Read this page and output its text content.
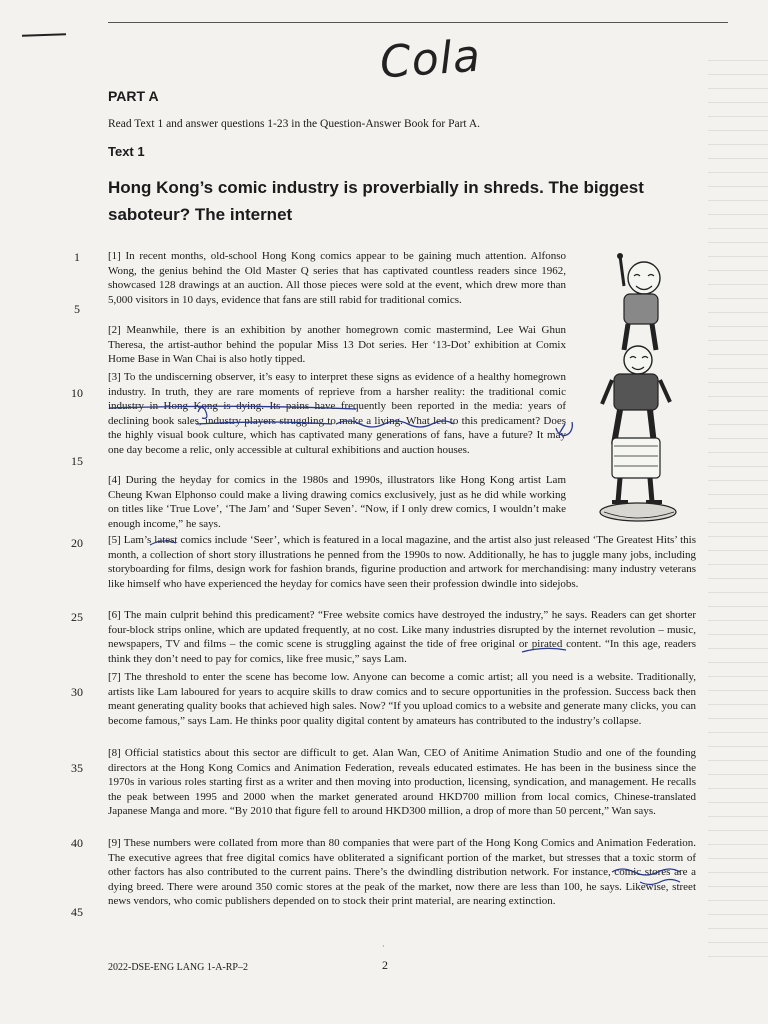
Cola
PART A
Read Text 1 and answer questions 1-23 in the Question-Answer Book for Part A.
Text 1
Hong Kong’s comic industry is proverbially in shreds. The biggest saboteur? The internet
1
5
10
15
20
25
30
35
40
45

[1] In recent months, old-school Hong Kong comics appear to be gaining much attention. Alfonso Wong, the genius behind the Old Master Q series that has captivated countless readers since 1962, showcased 128 drawings at an auction. All those pieces were sold at the event, which drew more than 5,000 visitors in 10 days, evidence that fans are still rabid for traditional comics.

[2] Meanwhile, there is an exhibition by another homegrown comic mastermind, Lee Wai Ghun Theresa, the artist-author behind the popular Miss 13 Dot series. Her ‘13-Dot’ exhibition at Comix Home Base in Wan Chai is also hotly tipped.

[3] To the undiscerning observer, it’s easy to interpret these signs as evidence of a healthy homegrown industry. In truth, they are rare moments of reprieve from a harsher reality: the traditional comic industry in Hong Kong is dying. Its pains have frequently been reported in the media: years of declining book sales, industry players struggling to make a living. What led to this predicament? Does the highly visual book culture, which has captivated many generations of fans, have a future? It may one day become a relic, only accessible at cultural exhibitions and auction houses.

[4] During the heyday for comics in the 1980s and 1990s, illustrators like Hong Kong artist Lam Cheung Kwan Elphonso could make a living drawing comics exclusively, just as he did while working on titles like ‘True Love’, ‘The Jam’ and ‘Super Seven’. “Now, if I only drew comics, I wouldn’t make enough income,” he says.

[5] Lam’s latest comics include ‘Seer’, which is featured in a local magazine, and the artist also just released ‘The Greatest Hits’ this month, a collection of short story illustrations he penned from the 1990s to now. Additionally, he has to juggle many jobs, including storyboarding for films, design work for fashion brands, figurine production and artwork for merchandising: many industry veterans like himself who have experienced the heyday for comics have seen their profession dwindle into sidejobs.

[6] The main culprit behind this predicament? “Free website comics have destroyed the industry,” he says. Readers can get shorter four-block strips online, which are updated frequently, at no cost. Like many industries disrupted by the internet revolution – music, newspapers, TV and films – the comic scene is struggling against the tide of free original or pirated content. “In this age, readers think they don’t need to pay for comics, like free music,” says Lam.

[7] The threshold to enter the scene has become low. Anyone can become a comic artist; all you need is a website. Traditionally, artists like Lam laboured for years to acquire skills to draw comics and to secure opportunities in the profession. Success back then meant generating quality books that achieved high sales. Now? “If you upload comics to a website and generate many clicks, you can become famous,” says Lam. He thinks poor quality digital content by amateurs has contributed to the industry’s collapse.

[8] Official statistics about this sector are difficult to get. Alan Wan, CEO of Anitime Animation Studio and one of the founding directors at the Hong Kong Comics and Animation Federation, reveals educated estimates. He has been in the business since the 1970s in various roles starting first as a writer and then moving into production, licensing, syndication, and management. He recalls the peak between 1995 and 2000 when the market generated around HKD700 million from local comics, Chinese-translated Japanese Manga and more. “By 2010 that figure fell to around HKD300 million, a drop of more than 50 percent,” Wan says.

[9] These numbers were collated from more than 80 companies that were part of the Hong Kong Comics and Animation Federation. The executive agrees that free digital comics have obliterated a significant portion of the market, but stresses that a toxic storm of other factors has also contributed to the current pains. There’s the dwindling distribution network. For instance, comic stores are a dying breed. There were around 350 comic stores at the peak of the market, now there are less than 100, he says. Likewise, street news vendors, who comic publishers depended on to stock their print material, are nearing extinction.

·
2022-DSE-ENG LANG 1-A-RP–2	2
